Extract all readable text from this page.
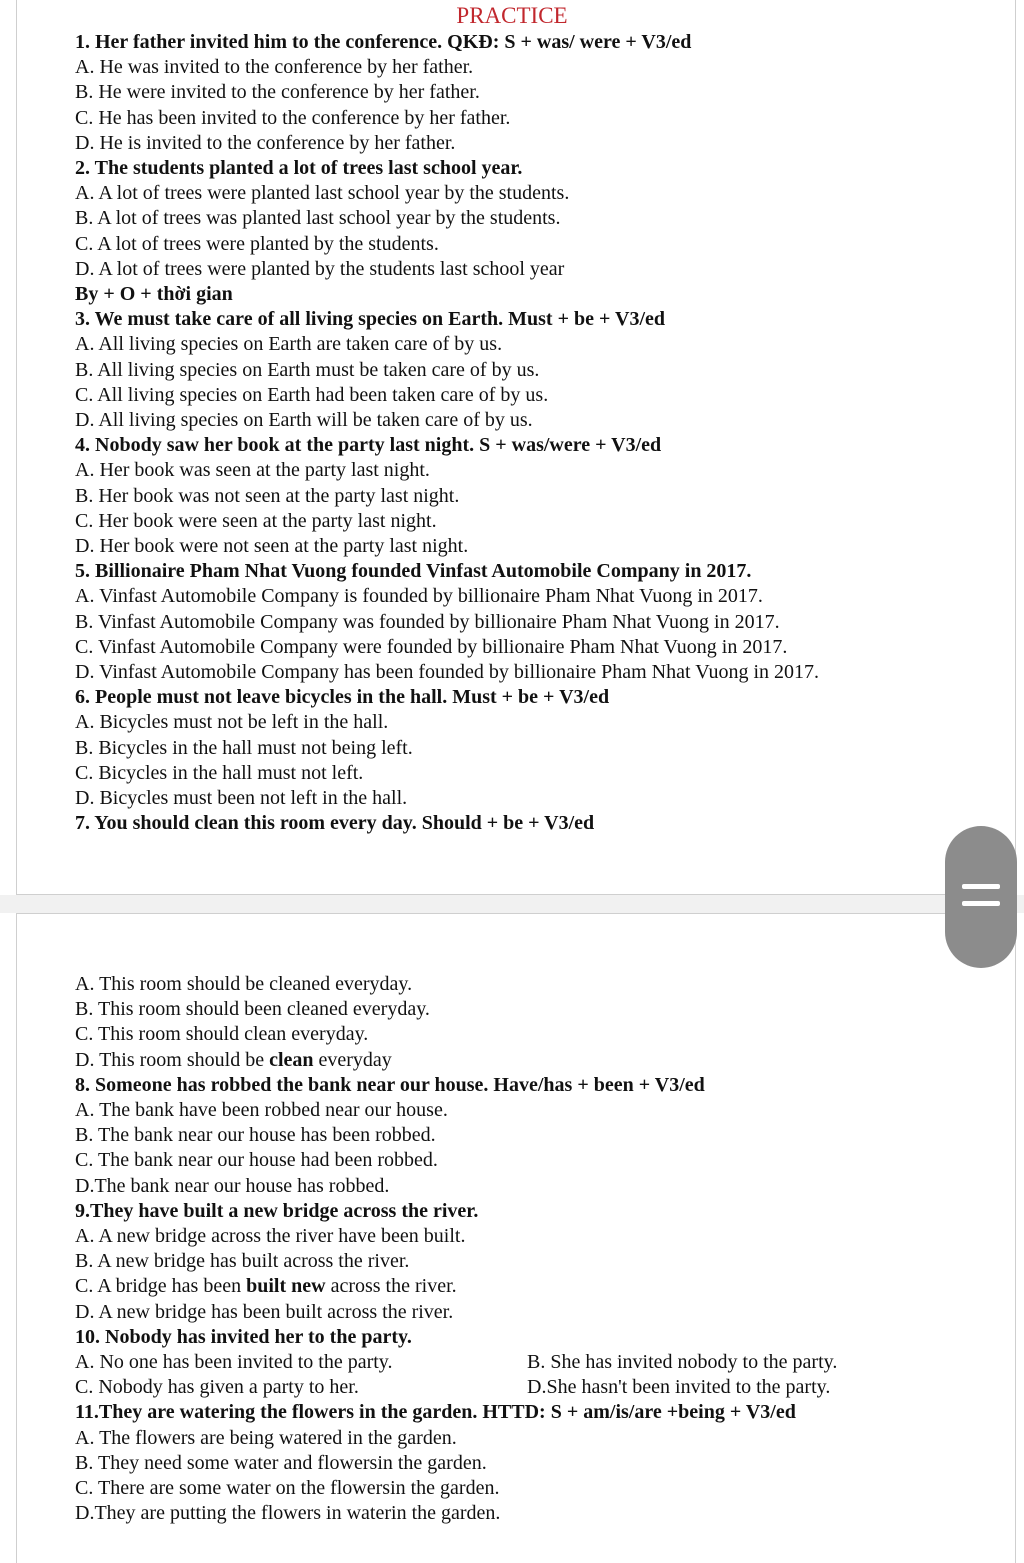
PRACTICE
1. Her father invited him to the conference. QKĐ: S + was/ were + V3/ed
A. He was invited to the conference by her father.
B. He were invited to the conference by her father.
C. He has been invited to the conference by her father.
D. He is invited to the conference by her father.
2. The students planted a lot of trees last school year.
A. A lot of trees were planted last school year by the students.
B. A lot of trees was planted last school year by the students.
C. A lot of trees were planted by the students.
D. A lot of trees were planted by the students last school year
By + O + thời gian
3. We must take care of all living species on Earth. Must + be + V3/ed
A. All living species on Earth are taken care of by us.
B. All living species on Earth must be taken care of by us.
C. All living species on Earth had been taken care of by us.
D. All living species on Earth will be taken care of by us.
4. Nobody saw her book at the party last night. S + was/were + V3/ed
A. Her book was seen at the party last night.
B. Her book was not seen at the party last night.
C. Her book were seen at the party last night.
D. Her book were not seen at the party last night.
5. Billionaire Pham Nhat Vuong founded Vinfast Automobile Company in 2017.
A. Vinfast Automobile Company is founded by billionaire Pham Nhat Vuong in 2017.
B. Vinfast Automobile Company was founded by billionaire Pham Nhat Vuong in 2017.
C. Vinfast Automobile Company were founded by billionaire Pham Nhat Vuong in 2017.
D. Vinfast Automobile Company has been founded by billionaire Pham Nhat Vuong in 2017.
6. People must not leave bicycles in the hall. Must + be + V3/ed
A. Bicycles must not be left in the hall.
B. Bicycles in the hall must not being left.
C. Bicycles in the hall must not left.
D. Bicycles must been not left in the hall.
7. You should clean this room every day. Should + be + V3/ed
A. This room should be cleaned everyday.
B. This room should been cleaned everyday.
C. This room should clean everyday.
D. This room should be clean everyday
8. Someone has robbed the bank near our house. Have/has + been + V3/ed
A. The bank have been robbed near our house.
B. The bank near our house has been robbed.
C. The bank near our house had been robbed.
D.The bank near our house has robbed.
9.They have built a new bridge across the river.
A. A new bridge across the river have been built.
B. A new bridge has built across the river.
C. A bridge has been built new across the river.
D. A new bridge has been built across the river.
10. Nobody has invited her to the party.
A. No one has been invited to the party.	B. She has invited nobody to the party.
C. Nobody has given a party to her.	D.She hasn't been invited to the party.
11.They are watering the flowers in the garden. HTTD: S + am/is/are +being + V3/ed
A. The flowers are being watered in the garden.
B. They need some water and flowersin the garden.
C. There are some water on the flowersin the garden.
D.They are putting the flowers in waterin the garden.
